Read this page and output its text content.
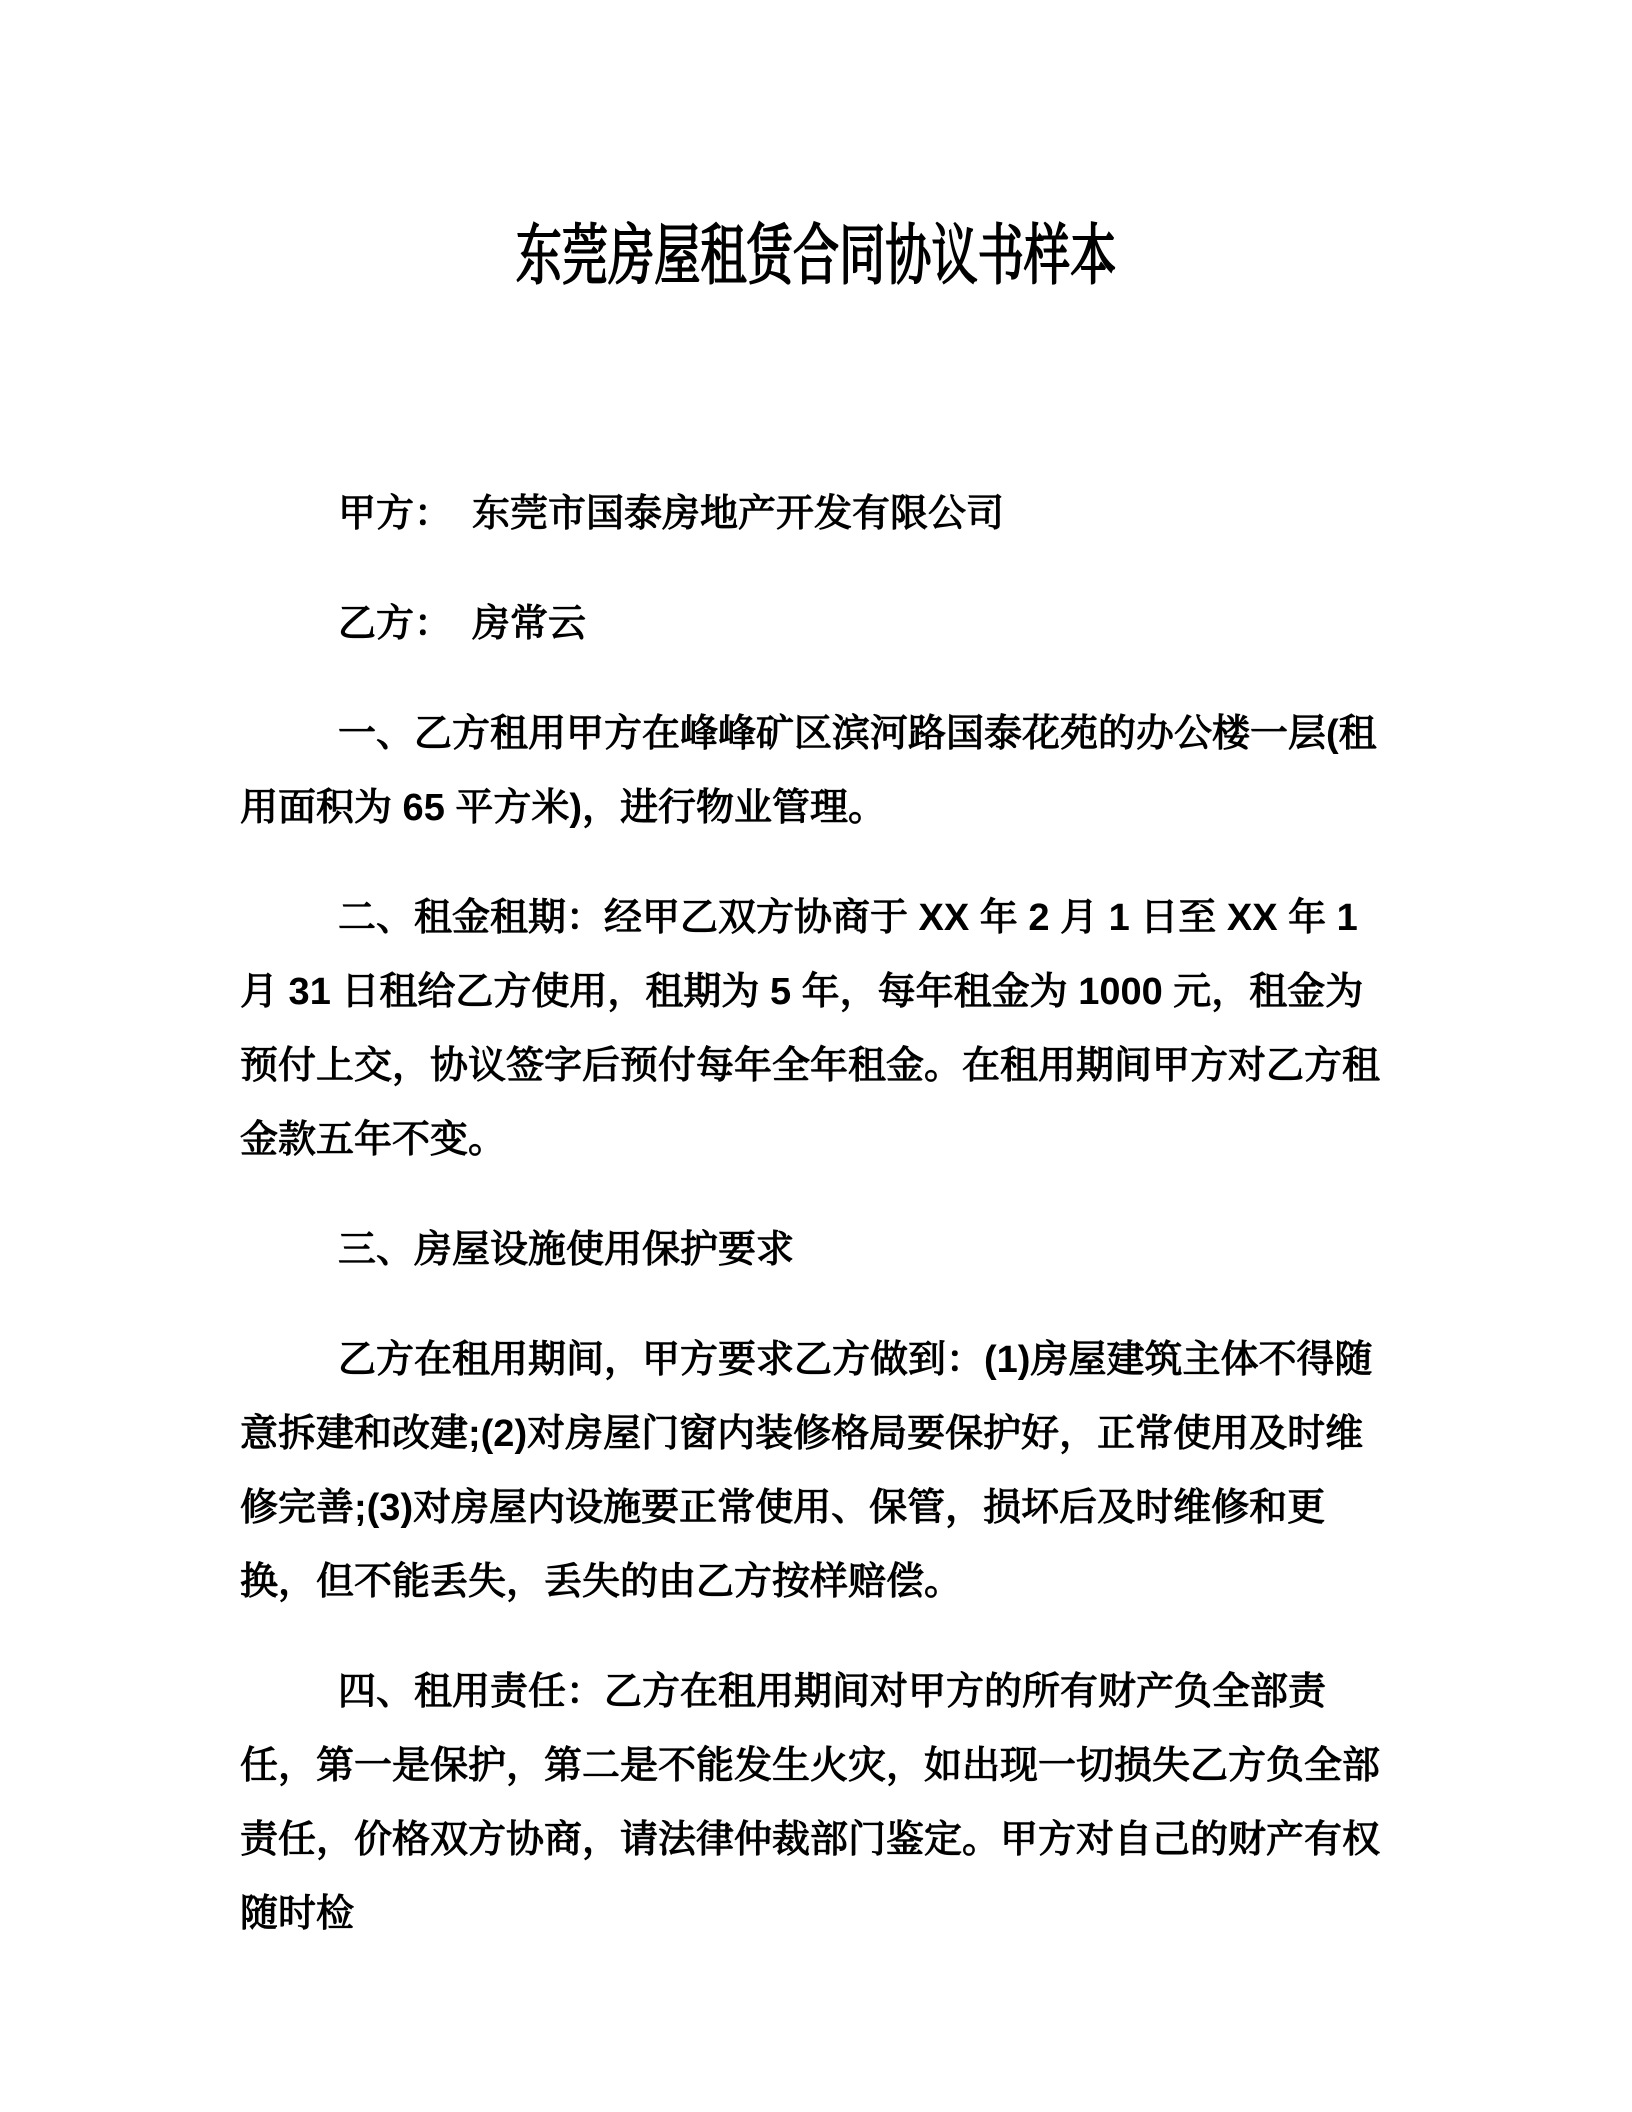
东莞房屋租赁合同协议书样本

甲方： 东莞市国泰房地产开发有限公司

乙方： 房常云

一、乙方租用甲方在峰峰矿区滨河路国泰花苑的办公楼一层(租用面积为 65 平方米)，进行物业管理。

二、租金租期：经甲乙双方协商于 XX 年 2 月 1 日至 XX 年 1 月 31 日租给乙方使用，租期为 5 年，每年租金为 1000 元，租金为预付上交，协议签字后预付每年全年租金。在租用期间甲方对乙方租金款五年不变。

三、房屋设施使用保护要求

乙方在租用期间，甲方要求乙方做到：(1)房屋建筑主体不得随意拆建和改建;(2)对房屋门窗内装修格局要保护好，正常使用及时维修完善;(3)对房屋内设施要正常使用、保管，损坏后及时维修和更换，但不能丢失，丢失的由乙方按样赔偿。

四、租用责任：乙方在租用期间对甲方的所有财产负全部责任，第一是保护，第二是不能发生火灾，如出现一切损失乙方负全部责任，价格双方协商，请法律仲裁部门鉴定。甲方对自己的财产有权随时检
